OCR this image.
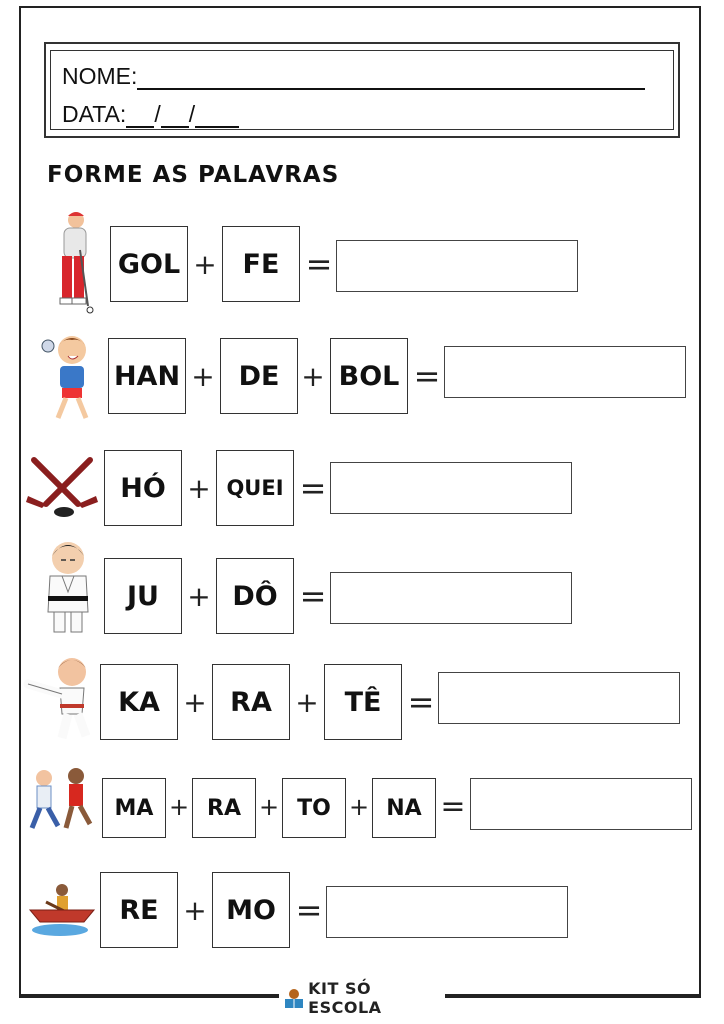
NOME:
DATA: / /
FORME AS PALAVRAS
GOL + FE =
HAN + DE + BOL =
HÓ + QUEI =
JU	+ DÔ =
KA + RA + TÊ =
MA + RA + TO + NA =
RE + MO =
KIT SÓ ESCOLA
